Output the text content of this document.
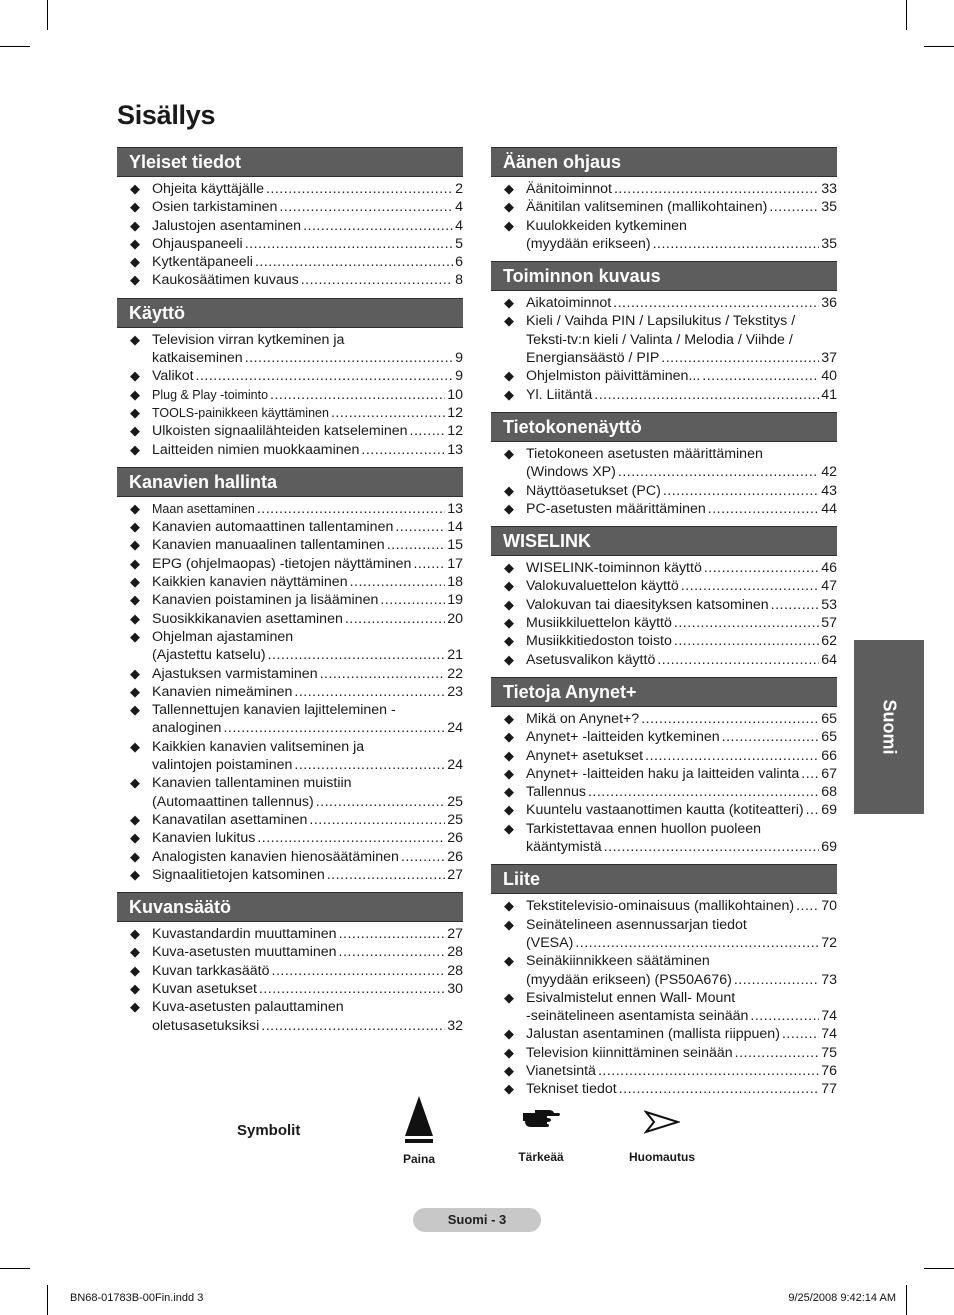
Sisällys
Yleiset tiedot
◆ Ohjeita käyttäjälle .....	2
◆ Osien tarkistaminen .....	4
◆ Jalustojen asentaminen .....	4
◆ Ohjauspaneeli .....	5
◆ Kytkentäpaneeli .....	6
◆ Kaukosäätimen kuvaus .....	8
Käyttö
◆ Television virran kytkeminen ja
katkaiseminen .....	9
◆ Valikot .....	9
◆ Plug & Play -toiminto .....	10
◆ TOOLS-painikkeen käyttäminen .....	12
◆ Ulkoisten signaalilähteiden katseleminen .....	12
◆ Laitteiden nimien muokkaaminen .....	13
Kanavien hallinta
◆ Maan asettaminen .....	13
◆ Kanavien automaattinen tallentaminen .....	14
◆ Kanavien manuaalinen tallentaminen .....	15
◆ EPG (ohjelmaopas) -tietojen näyttäminen .....	17
◆ Kaikkien kanavien näyttäminen .....	18
◆ Kanavien poistaminen ja lisääminen .....	19
◆ Suosikkikanavien asettaminen .....	20
◆ Ohjelman ajastaminen
(Ajastettu katselu) .....	21
◆ Ajastuksen varmistaminen .....	22
◆ Kanavien nimeäminen .....	23
◆ Tallennettujen kanavien lajitteleminen -
analoginen .....	24
◆ Kaikkien kanavien valitseminen ja
valintojen poistaminen .....	24
◆ Kanavien tallentaminen muistiin
(Automaattinen tallennus) .....	25
◆ Kanavatilan asettaminen .....	25
◆ Kanavien lukitus .....	26
◆ Analogisten kanavien hienosäätäminen .....	26
◆ Signaalitietojen katsominen .....	27
Kuvansäätö
◆ Kuvastandardin muuttaminen .....	27
◆ Kuva-asetusten muuttaminen .....	28
◆ Kuvan tarkkasäätö .....	28
◆ Kuvan asetukset .....	30
◆ Kuva-asetusten palauttaminen
oletusasetuksiksi .....	32
Äänen ohjaus
◆ Äänitoiminnot .....	33
◆ Äänitilan valitseminen (mallikohtainen) .....	35
◆ Kuulokkeiden kytkeminen
(myydään erikseen) .....	35
Toiminnon kuvaus
◆ Aikatoiminnot .....	36
◆ Kieli / Vaihda PIN / Lapsilukitus / Tekstitys /
Teksti-tv:n kieli / Valinta / Melodia / Viihde /
Energiansäästö / PIP .....	37
◆ Ohjelmiston päivittäminen... .....	40
◆ Yl. Liitäntä .....	41
Tietokonenäyttö
◆ Tietokoneen asetusten määrittäminen
(Windows XP) .....	42
◆ Näyttöasetukset (PC) .....	43
◆ PC-asetusten määrittäminen .....	44
WISELINK
◆ WISELINK-toiminnon käyttö .....	46
◆ Valokuvaluettelon käyttö .....	47
◆ Valokuvan tai diaesityksen katsominen .....	53
◆ Musiikkiluettelon käyttö .....	57
◆ Musiikkitiedoston toisto .....	62
◆ Asetusvalikon käyttö .....	64
Tietoja Anynet+
◆ Mikä on Anynet+? .....	65
◆ Anynet+ -laitteiden kytkeminen .....	65
◆ Anynet+ asetukset .....	66
◆ Anynet+ -laitteiden haku ja laitteiden valinta ..... 67
◆ Tallennus .....	68
◆ Kuuntelu vastaanottimen kautta (kotiteatteri) ..... 69
◆ Tarkistettavaa ennen huollon puoleen
kääntymistä .....	69
Liite
◆ Tekstitelevisio-ominaisuus (mallikohtainen) ..... 70
◆ Seinätelineen asennussarjan tiedot
(VESA) .....	72
◆ Seinäkiinnikkeen säätäminen
(myydään erikseen) (PS50A676) .....	73
◆ Esivalmistelut ennen Wall- Mount
-seinätelineen asentamista seinään .....	74
◆ Jalustan asentaminen (mallista riippuen) .....	74
◆ Television kiinnittäminen seinään .....	75
◆ Vianetsintä .....	76
◆ Tekniset tiedot .....	77
Suomi
Symbolit
Paina	Tärkeää	Huomautus
Suomi - 3
BN68-01783B-00Fin.indd 3	9/25/2008 9:42:14 AM
